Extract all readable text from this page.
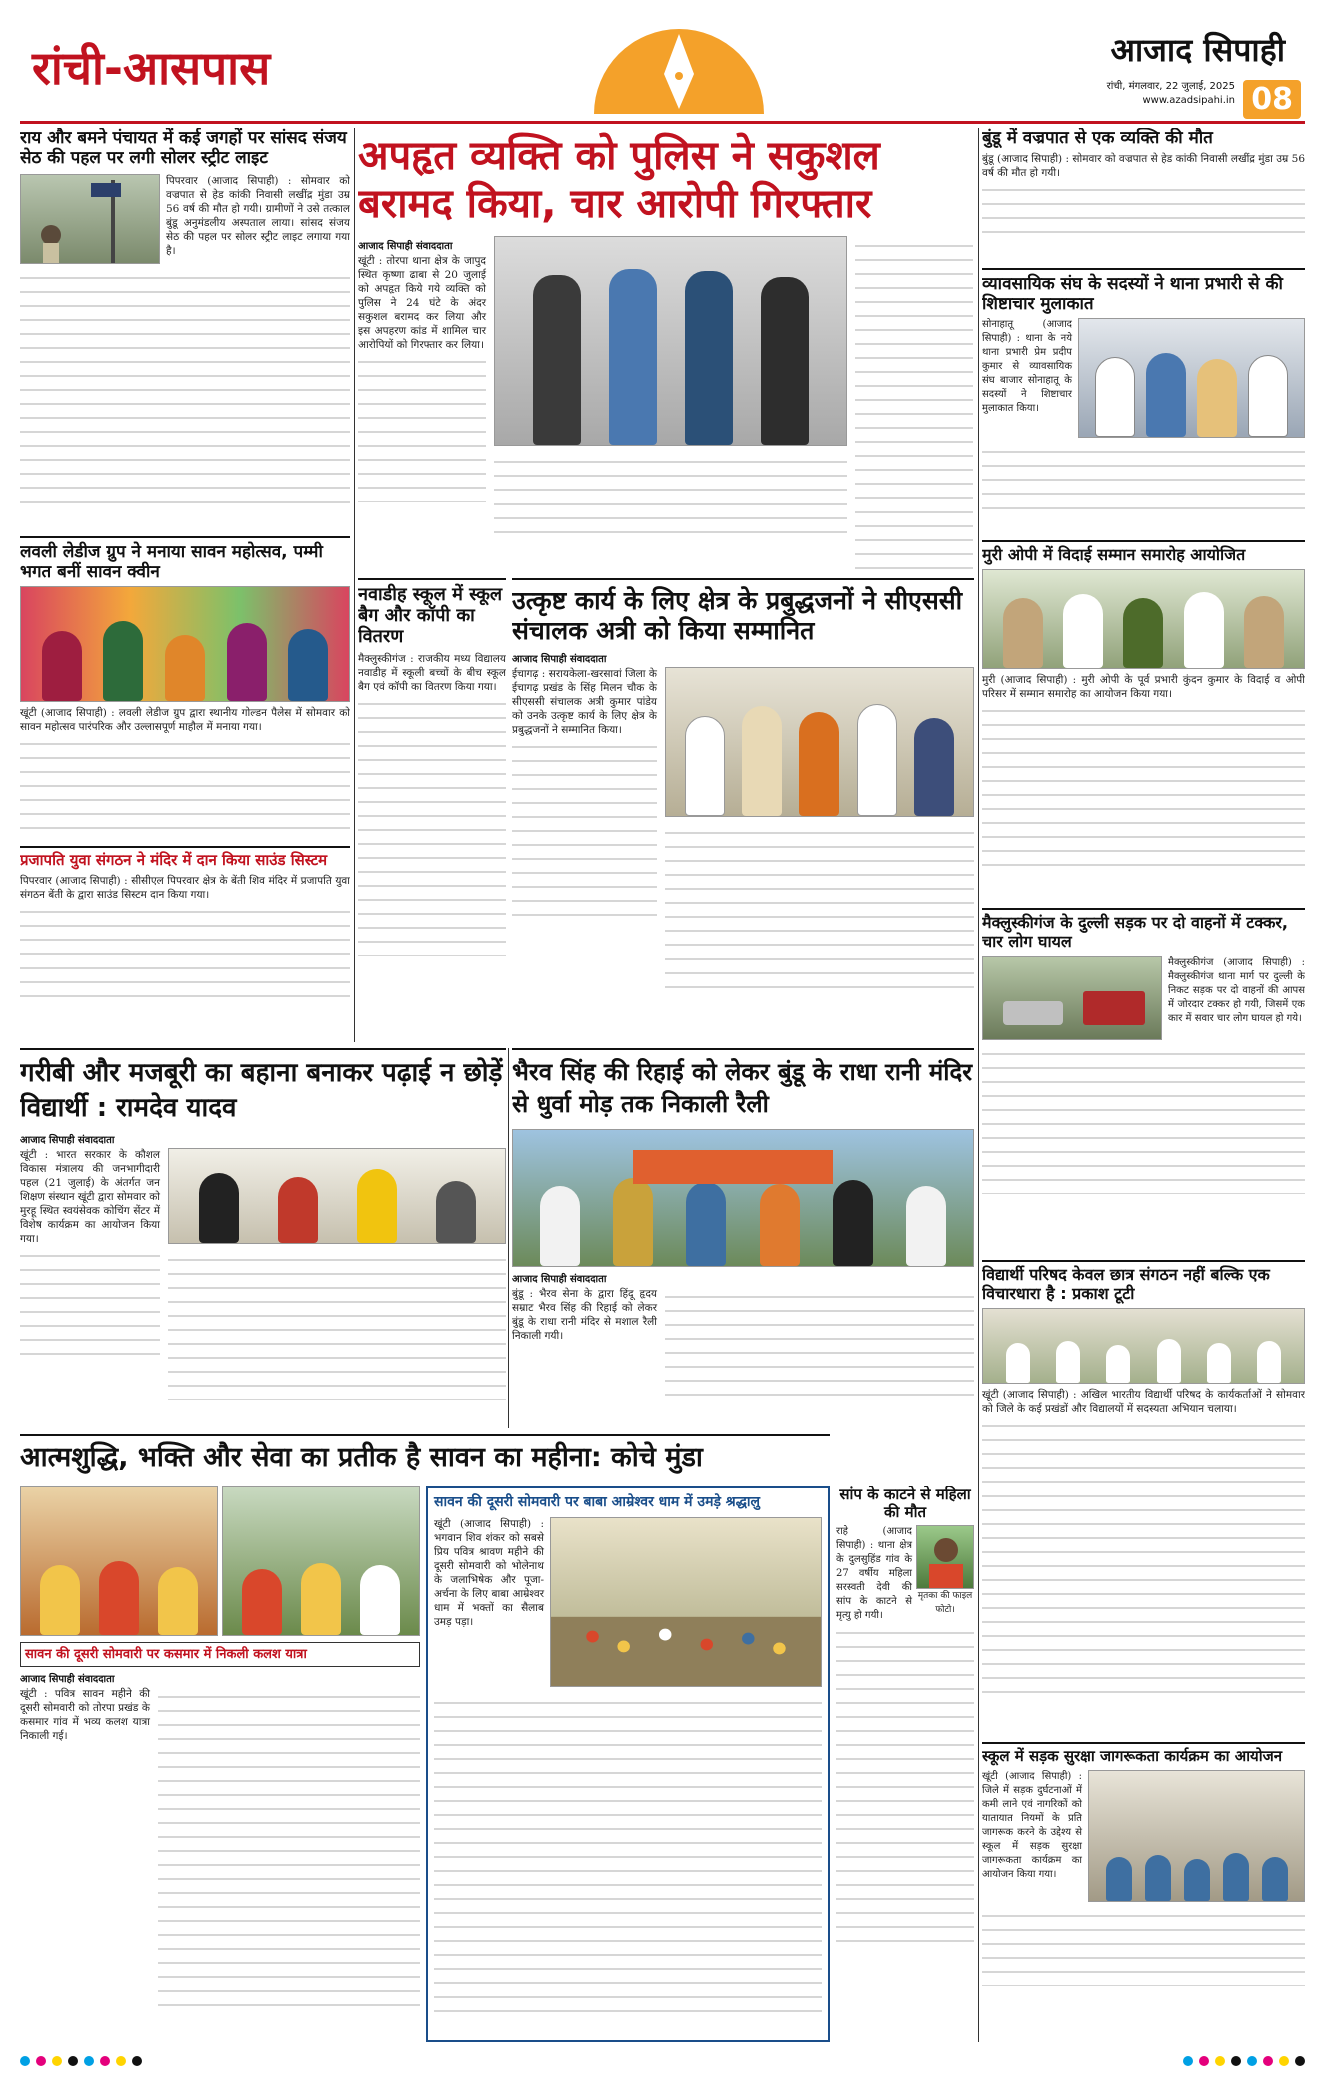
रांची-आसपास	आजाद सिपाही
रांची, मंगलवार, 22 जुलाई, 2025
www.azadsipahi.in 08
राय और बमने पंचायत में कई जगहों पर सांसद संजय सेठ की पहल पर लगी सोलर स्ट्रीट लाइट
पिपरवार (आजाद सिपाही) : सोमवार को वज्रपात से हेड कांकी निवासी लखींद्र मुंडा उम्र 56 वर्ष की मौत हो गयी। ग्रामीणों ने उसे तत्काल बुंडू अनुमंडलीय अस्पताल लाया। सांसद संजय सेठ की पहल पर सोलर स्ट्रीट लाइट लगाया गया है।
लवली लेडीज ग्रुप ने मनाया सावन महोत्सव, पम्मी भगत बनीं सावन क्वीन
खूंटी (आजाद सिपाही) : लवली लेडीज ग्रुप द्वारा स्थानीय गोल्डन पैलेस में सोमवार को सावन महोत्सव पारंपरिक और उल्लासपूर्ण माहौल में मनाया गया।
प्रजापति युवा संगठन ने मंदिर में दान किया साउंड सिस्टम
पिपरवार (आजाद सिपाही) : सीसीएल पिपरवार क्षेत्र के बेंती शिव मंदिर में प्रजापति युवा संगठन बेंती के द्वारा साउंड सिस्टम दान किया गया।
अपहृत व्यक्ति को पुलिस ने सकुशल बरामद किया, चार आरोपी गिरफ्तार
आजाद सिपाही संवाददाता
खूंटी : तोरपा थाना क्षेत्र के जापुद स्थित कृष्णा ढाबा से 20 जुलाई को अपहृत किये गये व्यक्ति को पुलिस ने 24 घंटे के अंदर सकुशल बरामद कर लिया और इस अपहरण कांड में शामिल चार आरोपियों को गिरफ्तार कर लिया।
नवाडीह स्कूल में स्कूल बैग और कॉपी का वितरण
मैक्लुस्कीगंज : राजकीय मध्य विद्यालय नवाडीह में स्कूली बच्चों के बीच स्कूल बैग एवं कॉपी का वितरण किया गया।
उत्कृष्ट कार्य के लिए क्षेत्र के प्रबुद्धजनों ने सीएससी संचालक अत्री को किया सम्मानित
आजाद सिपाही संवाददाता
ईचागढ़ : सरायकेला-खरसावां जिला के ईचागढ़ प्रखंड के सिंह मिलन चौक के सीएससी संचालक अत्री कुमार पांडेय को उनके उत्कृष्ट कार्य के लिए क्षेत्र के प्रबुद्धजनों ने सम्मानित किया।
गरीबी और मजबूरी का बहाना बनाकर पढ़ाई न छोड़ें विद्यार्थी : रामदेव यादव
आजाद सिपाही संवाददाता
खूंटी : भारत सरकार के कौशल विकास मंत्रालय की जनभागीदारी पहल (21 जुलाई) के अंतर्गत जन शिक्षण संस्थान खूंटी द्वारा सोमवार को मुरहू स्थित स्वयंसेवक कोचिंग सेंटर में विशेष कार्यक्रम का आयोजन किया गया।
भैरव सिंह की रिहाई को लेकर बुंडू के राधा रानी मंदिर से धुर्वा मोड़ तक निकाली रैली
आजाद सिपाही संवाददाता
बुंडू : भैरव सेना के द्वारा हिंदू हृदय सम्राट भैरव सिंह की रिहाई को लेकर बुंडू के राधा रानी मंदिर से मशाल रैली निकाली गयी।
आत्मशुद्धि, भक्ति और सेवा का प्रतीक है सावन का महीना: कोचे मुंडा
सावन की दूसरी सोमवारी पर कसमार में निकली कलश यात्रा
आजाद सिपाही संवाददाता
खूंटी : पवित्र सावन महीने की दूसरी सोमवारी को तोरपा प्रखंड के कसमार गांव में भव्य कलश यात्रा निकाली गई।
सावन की दूसरी सोमवारी पर बाबा आम्रेश्वर धाम में उमड़े श्रद्धालु
खूंटी (आजाद सिपाही) : भगवान शिव शंकर को सबसे प्रिय पवित्र श्रावण महीने की दूसरी सोमवारी को भोलेनाथ के जलाभिषेक और पूजा-अर्चना के लिए बाबा आम्रेश्वर धाम में भक्तों का सैलाब उमड़ पड़ा।
सांप के काटने से महिला की मौत
राहे (आजाद सिपाही) : थाना क्षेत्र के दुलसुहिंड गांव के 27 वर्षीय महिला सरस्वती देवी की सांप के काटने से मृत्यु हो गयी।
मृतका की फाइल फोटो।
बुंडू में वज्रपात से एक व्यक्ति की मौत
बुंडू (आजाद सिपाही) : सोमवार को वज्रपात से हेड कांकी निवासी लखींद्र मुंडा उम्र 56 वर्ष की मौत हो गयी।
व्यावसायिक संघ के सदस्यों ने थाना प्रभारी से की शिष्टाचार मुलाकात
सोनाहातू (आजाद सिपाही) : थाना के नये थाना प्रभारी प्रेम प्रदीप कुमार से व्यावसायिक संघ बाजार सोनाहातू के सदस्यों ने शिष्टाचार मुलाकात किया।
मुरी ओपी में विदाई सम्मान समारोह आयोजित
मुरी (आजाद सिपाही) : मुरी ओपी के पूर्व प्रभारी कुंदन कुमार के विदाई व ओपी परिसर में सम्मान समारोह का आयोजन किया गया।
मैक्लुस्कीगंज के दुल्ली सड़क पर दो वाहनों में टक्कर, चार लोग घायल
मैक्लुस्कीगंज (आजाद सिपाही) : मैक्लुस्कीगंज थाना मार्ग पर दुल्ली के निकट सड़क पर दो वाहनों की आपस में जोरदार टक्कर हो गयी, जिसमें एक कार में सवार चार लोग घायल हो गये।
विद्यार्थी परिषद केवल छात्र संगठन नहीं बल्कि एक विचारधारा है : प्रकाश टूटी
खूंटी (आजाद सिपाही) : अखिल भारतीय विद्यार्थी परिषद के कार्यकर्ताओं ने सोमवार को जिले के कई प्रखंडों और विद्यालयों में सदस्यता अभियान चलाया।
स्कूल में सड़क सुरक्षा जागरूकता कार्यक्रम का आयोजन
खूंटी (आजाद सिपाही) : जिले में सड़क दुर्घटनाओं में कमी लाने एवं नागरिकों को यातायात नियमों के प्रति जागरूक करने के उद्देश्य से स्कूल में सड़क सुरक्षा जागरूकता कार्यक्रम का आयोजन किया गया।
